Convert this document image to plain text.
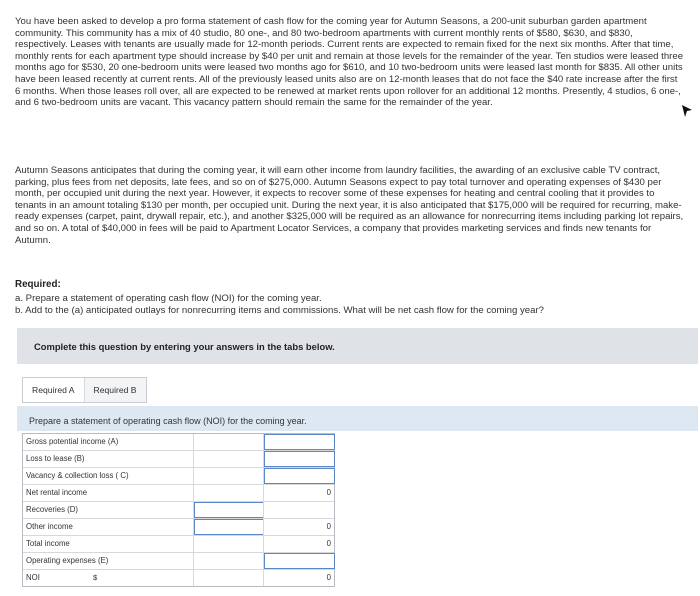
You have been asked to develop a pro forma statement of cash flow for the coming year for Autumn Seasons, a 200-unit suburban garden apartment community. This community has a mix of 40 studio, 80 one-, and 80 two-bedroom apartments with current monthly rents of $580, $630, and $830, respectively. Leases with tenants are usually made for 12-month periods. Current rents are expected to remain fixed for the next six months. After that time, monthly rents for each apartment type should increase by $40 per unit and remain at those levels for the remainder of the year. Ten studios were leased three months ago for $530, 20 one-bedroom units were leased two months ago for $610, and 10 two-bedroom units were leased last month for $835. All other units have been leased recently at current rents. All of the previously leased units also are on 12-month leases that do not face the $40 rate increase after the first 6 months. When those leases roll over, all are expected to be renewed at market rents upon rollover for an additional 12 months. Presently, 4 studios, 6 one-, and 6 two-bedroom units are vacant. This vacancy pattern should remain the same for the remainder of the year.

Autumn Seasons anticipates that during the coming year, it will earn other income from laundry facilities, the awarding of an exclusive cable TV contract, parking, plus fees from net deposits, late fees, and so on of $275,000. Autumn Seasons expect to pay total turnover and operating expenses of $430 per month, per occupied unit during the next year. However, it expects to recover some of these expenses for heating and central cooling that it provides to tenants in an amount totaling $130 per month, per occupied unit. During the next year, it is also anticipated that $175,000 will be required for recurring, make-ready expenses (carpet, paint, drywall repair, etc.), and another $325,000 will be required as an allowance for nonrecurring items including parking lot repairs, and so on. A total of $40,000 in fees will be paid to Apartment Locator Services, a company that provides marketing services and finds new tenants for Autumn.

Required:
a. Prepare a statement of operating cash flow (NOI) for the coming year.
b. Add to the (a) anticipated outlays for nonrecurring items and commissions. What will be net cash flow for the coming year?
Complete this question by entering your answers in the tabs below.
Required A	Required B
Prepare a statement of operating cash flow (NOI) for the coming year.
Gross potential income (A)
Loss to lease (B)
Vacancy & collection loss ( C)
Net rental income	0
Recoveries (D)
Other income	0
Total income	0
Operating expenses (E)
NOI	$	0
